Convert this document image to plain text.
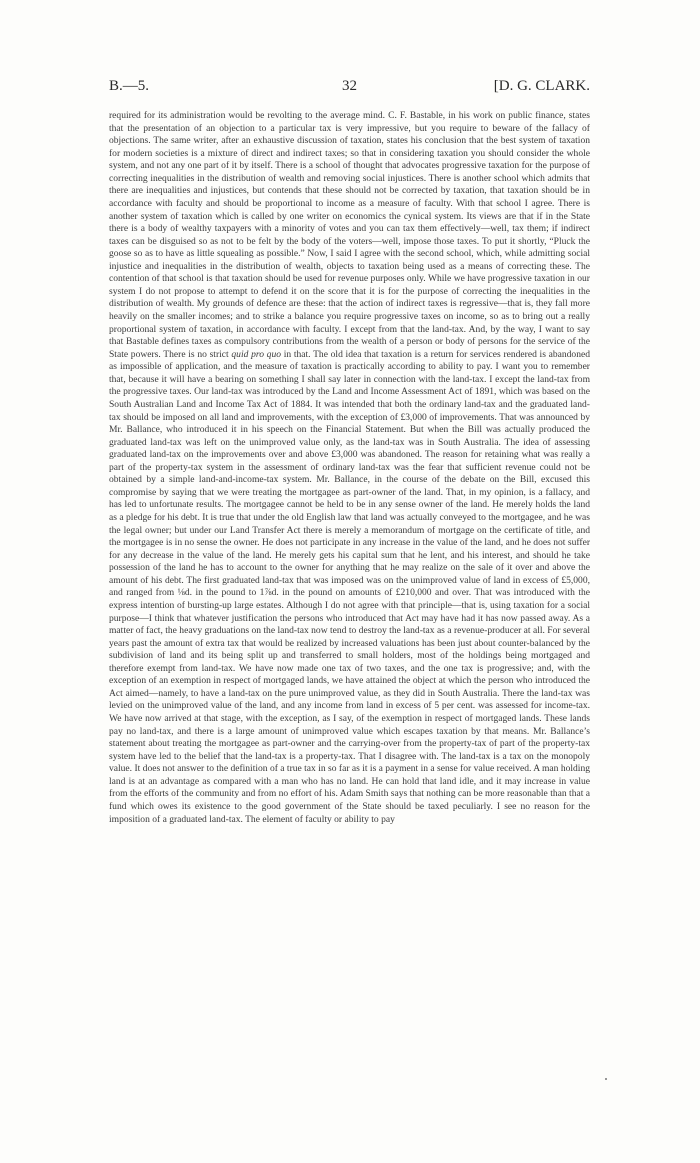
B.—5.	32	[D. G. CLARK.

required for its administration would be revolting to the average mind. C. F. Bastable, in his work on public finance, states that the presentation of an objection to a particular tax is very impressive, but you require to beware of the fallacy of objections. The same writer, after an exhaustive discussion of taxation, states his conclusion that the best system of taxation for modern societies is a mixture of direct and indirect taxes; so that in considering taxation you should consider the whole system, and not any one part of it by itself. There is a school of thought that advocates progressive taxation for the purpose of correcting inequalities in the distribution of wealth and removing social injustices. There is another school which admits that there are inequalities and injustices, but contends that these should not be corrected by taxation, that taxation should be in accordance with faculty and should be proportional to income as a measure of faculty. With that school I agree. There is another system of taxation which is called by one writer on economics the cynical system. Its views are that if in the State there is a body of wealthy taxpayers with a minority of votes and you can tax them effectively—well, tax them; if indirect taxes can be disguised so as not to be felt by the body of the voters—well, impose those taxes. To put it shortly, “Pluck the goose so as to have as little squealing as possible.” Now, I said I agree with the second school, which, while admitting social injustice and inequalities in the distribution of wealth, objects to taxation being used as a means of correcting these. The contention of that school is that taxation should be used for revenue purposes only. While we have progressive taxation in our system I do not propose to attempt to defend it on the score that it is for the purpose of correcting the inequalities in the distribution of wealth. My grounds of defence are these: that the action of indirect taxes is regressive—that is, they fall more heavily on the smaller incomes; and to strike a balance you require progressive taxes on income, so as to bring out a really proportional system of taxation, in accordance with faculty. I except from that the land-tax. And, by the way, I want to say that Bastable defines taxes as compulsory contributions from the wealth of a person or body of persons for the service of the State powers. There is no strict quid pro quo in that. The old idea that taxation is a return for services rendered is abandoned as impossible of application, and the measure of taxation is practically according to ability to pay. I want you to remember that, because it will have a bearing on something I shall say later in connection with the land-tax. I except the land-tax from the progressive taxes. Our land-tax was introduced by the Land and Income Assessment Act of 1891, which was based on the South Australian Land and Income Tax Act of 1884. It was intended that both the ordinary land-tax and the graduated land-tax should be imposed on all land and improvements, with the exception of £3,000 of improvements. That was announced by Mr. Ballance, who introduced it in his speech on the Financial Statement. But when the Bill was actually produced the graduated land-tax was left on the unimproved value only, as the land-tax was in South Australia. The idea of assessing graduated land-tax on the improvements over and above £3,000 was abandoned. The reason for retaining what was really a part of the property-tax system in the assessment of ordinary land-tax was the fear that sufficient revenue could not be obtained by a simple land-and-income-tax system. Mr. Ballance, in the course of the debate on the Bill, excused this compromise by saying that we were treating the mortgagee as part-owner of the land. That, in my opinion, is a fallacy, and has led to unfortunate results. The mortgagee cannot be held to be in any sense owner of the land. He merely holds the land as a pledge for his debt. It is true that under the old English law that land was actually conveyed to the mortgagee, and he was the legal owner; but under our Land Transfer Act there is merely a memorandum of mortgage on the certificate of title, and the mortgagee is in no sense the owner. He does not participate in any increase in the value of the land, and he does not suffer for any decrease in the value of the land. He merely gets his capital sum that he lent, and his interest, and should he take possession of the land he has to account to the owner for anything that he may realize on the sale of it over and above the amount of his debt. The first graduated land-tax that was imposed was on the unimproved value of land in excess of £5,000, and ranged from ⅛d. in the pound to 1⅞d. in the pound on amounts of £210,000 and over. That was introduced with the express intention of bursting-up large estates. Although I do not agree with that principle—that is, using taxation for a social purpose—I think that whatever justification the persons who introduced that Act may have had it has now passed away. As a matter of fact, the heavy graduations on the land-tax now tend to destroy the land-tax as a revenue-producer at all. For several years past the amount of extra tax that would be realized by increased valuations has been just about counter-balanced by the subdivision of land and its being split up and transferred to small holders, most of the holdings being mortgaged and therefore exempt from land-tax. We have now made one tax of two taxes, and the one tax is progressive; and, with the exception of an exemption in respect of mortgaged lands, we have attained the object at which the person who introduced the Act aimed—namely, to have a land-tax on the pure unimproved value, as they did in South Australia. There the land-tax was levied on the unimproved value of the land, and any income from land in excess of 5 per cent. was assessed for income-tax. We have now arrived at that stage, with the exception, as I say, of the exemption in respect of mortgaged lands. These lands pay no land-tax, and there is a large amount of unimproved value which escapes taxation by that means. Mr. Ballance’s statement about treating the mortgagee as part-owner and the carrying-over from the property-tax of part of the property-tax system have led to the belief that the land-tax is a property-tax. That I disagree with. The land-tax is a tax on the monopoly value. It does not answer to the definition of a true tax in so far as it is a payment in a sense for value received. A man holding land is at an advantage as compared with a man who has no land. He can hold that land idle, and it may increase in value from the efforts of the community and from no effort of his. Adam Smith says that nothing can be more reasonable than that a fund which owes its existence to the good government of the State should be taxed peculiarly. I see no reason for the imposition of a graduated land-tax. The element of faculty or ability to pay
